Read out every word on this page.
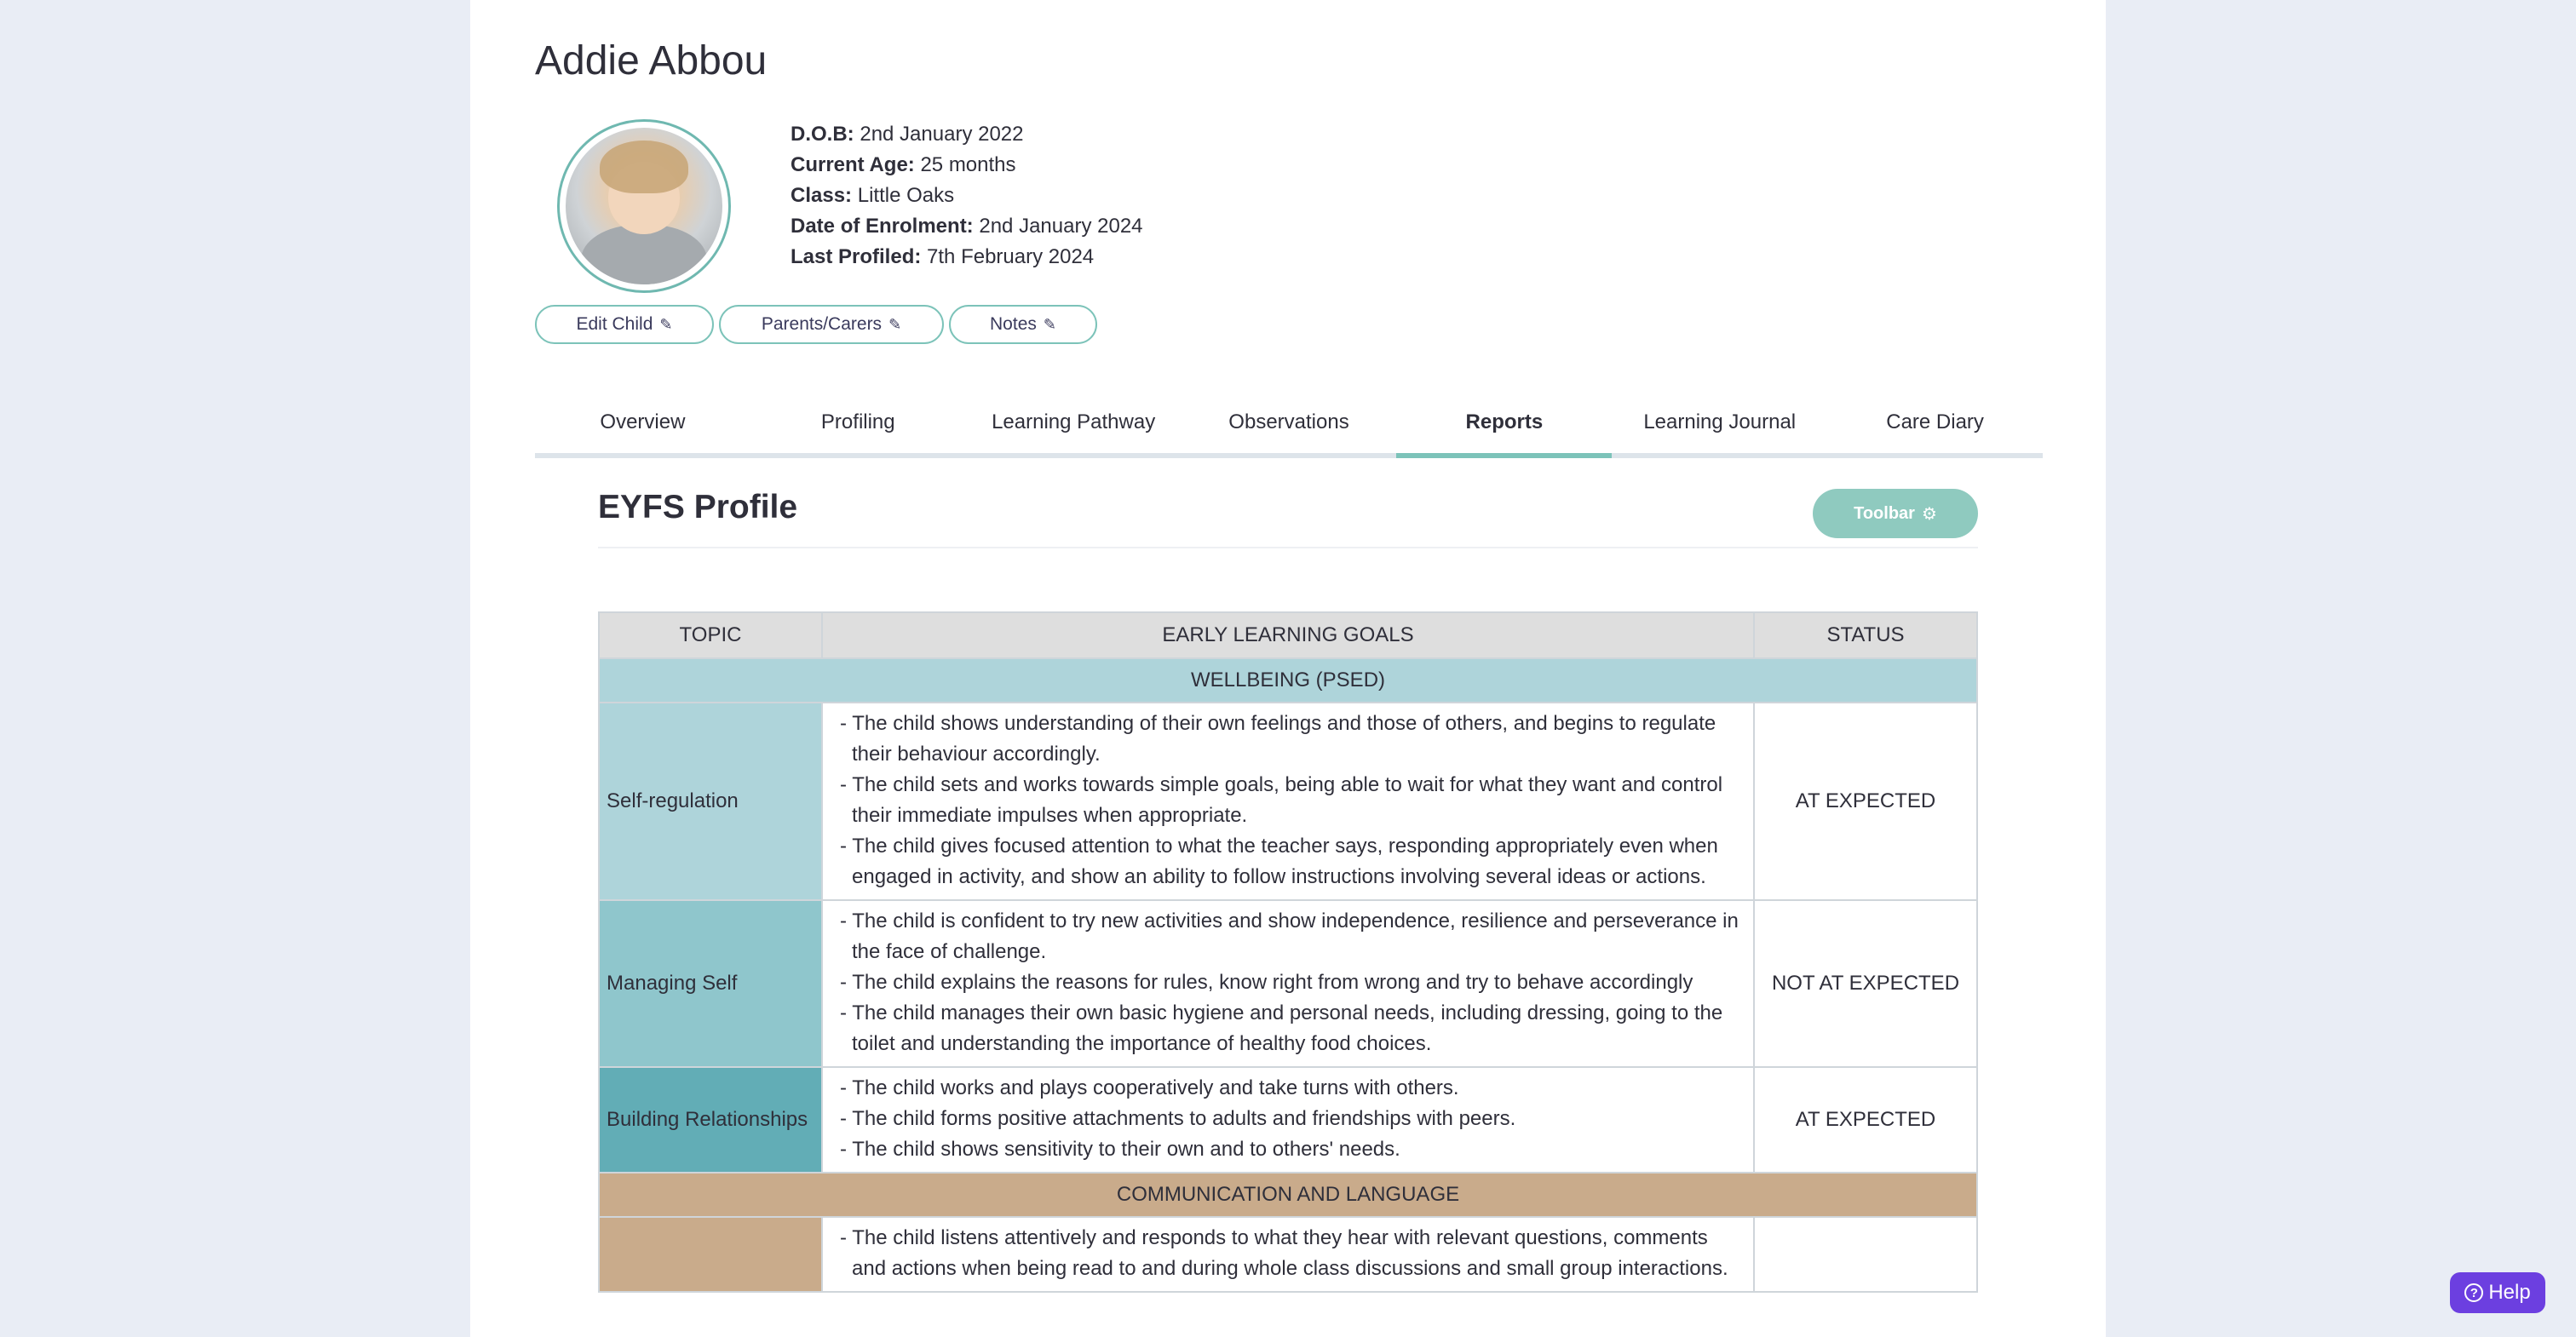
Addie Abbou
D.O.B: 2nd January 2022
Current Age: 25 months
Class: Little Oaks
Date of Enrolment: 2nd January 2024
Last Profiled: 7th February 2024
Edit Child ✎	Parents/Carers ✎	Notes ✎
Overview	Profiling	Learning Pathway	Observations	Reports	Learning Journal	Care Diary
EYFS Profile	Toolbar ⚙
TOPIC	EARLY LEARNING GOALS	STATUS
WELLBEING (PSED)		
Self-regulation	- The child shows understanding of their own feelings and those of others, and begins to regulate their behaviour accordingly.
- The child sets and works towards simple goals, being able to wait for what they want and control their immediate impulses when appropriate.
- The child gives focused attention to what the teacher says, responding appropriately even when engaged in activity, and show an ability to follow instructions involving several ideas or actions.	AT EXPECTED
Managing Self	- The child is confident to try new activities and show independence, resilience and perseverance in the face of challenge.
- The child explains the reasons for rules, know right from wrong and try to behave accordingly
- The child manages their own basic hygiene and personal needs, including dressing, going to the toilet and understanding the importance of healthy food choices.	NOT AT EXPECTED
Building Relationships	- The child works and plays cooperatively and take turns with others.
- The child forms positive attachments to adults and friendships with peers.
- The child shows sensitivity to their own and to others' needs.	AT EXPECTED
COMMUNICATION AND LANGUAGE		

	- The child listens attentively and responds to what they hear with relevant questions, comments and actions when being read to and during whole class discussions and small group interactions.	

? Help
